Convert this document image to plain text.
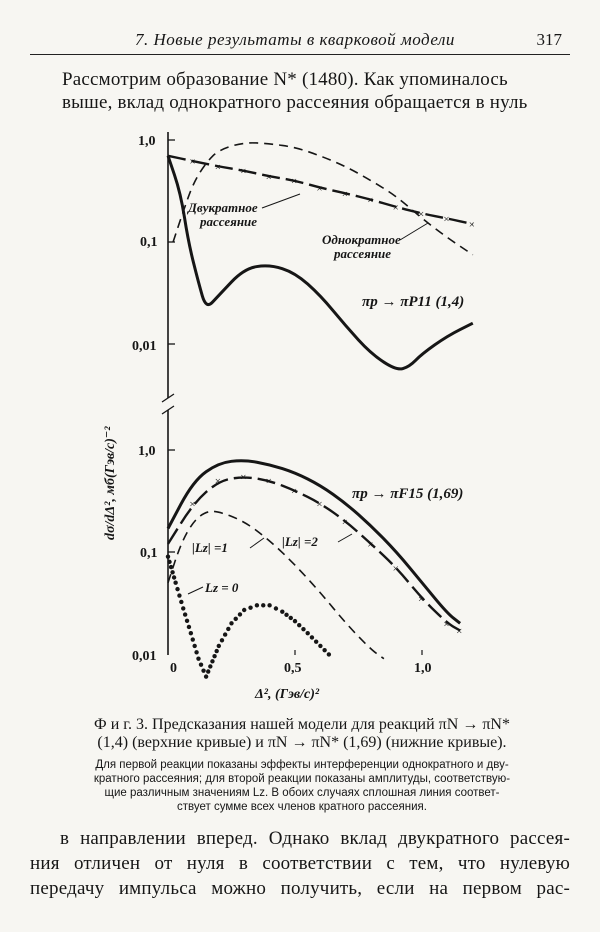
7. Новые результаты в кварковой модели	317
Рассмотрим образование N* (1480). Как упоминалось
выше, вклад однократного рассеяния обращается в нуль
1,0
0,1
0,01
1,0
0,1
0,01
0	0,5	1,0
Δ², (Гэв/с)²
dσ/dΔ², мб(Гэв/с)⁻²
× × × × ×
× ×
×
×
× × ×
×
× × ×
×
×
×
×
×
×
×
×
Двукратное
рассеяние
Однократное
рассеяние
πp → πP11 (1,4)
πp → πF15 (1,69)
|Lz| =1	|Lz| =2
Lz = 0
Ф и г. 3. Предсказания нашей модели для реакций πN → πN*
(1,4) (верхние кривые) и πN → πN* (1,69) (нижние кривые).
Для первой реакции показаны эффекты интерференции однократного и дву-
кратного рассеяния; для второй реакции показаны амплитуды, соответствую-
щие различным значениям Lz. В обоих случаях сплошная линия соответ-
ствует сумме всех членов кратного рассеяния.
в направлении вперед. Однако вклад двукратного рассея-
ния отличен от нуля в соответствии с тем, что нулевую
передачу импульса можно получить, если на первом рас-
